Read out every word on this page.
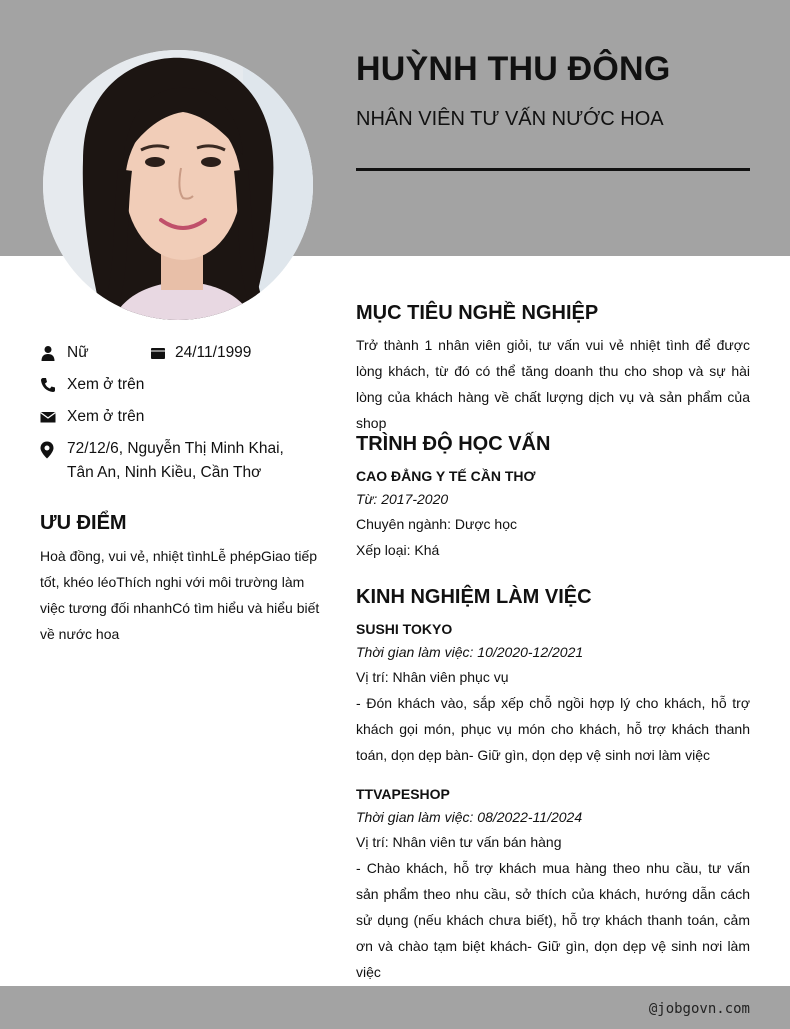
HUỲNH THU ĐÔNG
NHÂN VIÊN TƯ VẤN NƯỚC HOA
Nữ	24/11/1999
Xem ở trên
Xem ở trên
72/12/6, Nguyễn Thị Minh Khai,
Tân An, Ninh Kiều, Cần Thơ
ƯU ĐIỂM
Hoà đồng, vui vẻ, nhiệt tìnhLễ phépGiao tiếp tốt, khéo léoThích nghi với môi trường làm việc tương đối nhanhCó tìm hiểu và hiểu biết về nước hoa
MỤC TIÊU NGHỀ NGHIỆP
Trở thành 1 nhân viên giỏi, tư vấn vui vẻ nhiệt tình để được lòng khách, từ đó có thể tăng doanh thu cho shop và sự hài lòng của khách hàng về chất lượng dịch vụ và sản phẩm của shop
TRÌNH ĐỘ HỌC VẤN
CAO ĐẲNG Y TẾ CẦN THƠ
Từ: 2017-2020
Chuyên ngành: Dược học
Xếp loại: Khá
KINH NGHIỆM LÀM VIỆC
SUSHI TOKYO
Thời gian làm việc: 10/2020-12/2021
Vị trí: Nhân viên phục vụ
- Đón khách vào, sắp xếp chỗ ngồi hợp lý cho khách, hỗ trợ khách gọi món, phục vụ món cho khách, hỗ trợ khách thanh toán, dọn dẹp bàn- Giữ gìn, dọn dẹp vệ sinh nơi làm việc
TTVAPESHOP
Thời gian làm việc: 08/2022-11/2024
Vị trí: Nhân viên tư vấn bán hàng
- Chào khách, hỗ trợ khách mua hàng theo nhu cầu, tư vấn sản phẩm theo nhu cầu, sở thích của khách, hướng dẫn cách sử dụng (nếu khách chưa biết), hỗ trợ khách thanh toán, cảm ơn và chào tạm biệt khách- Giữ gìn, dọn dẹp vệ sinh nơi làm việc
@jobgovn.com
